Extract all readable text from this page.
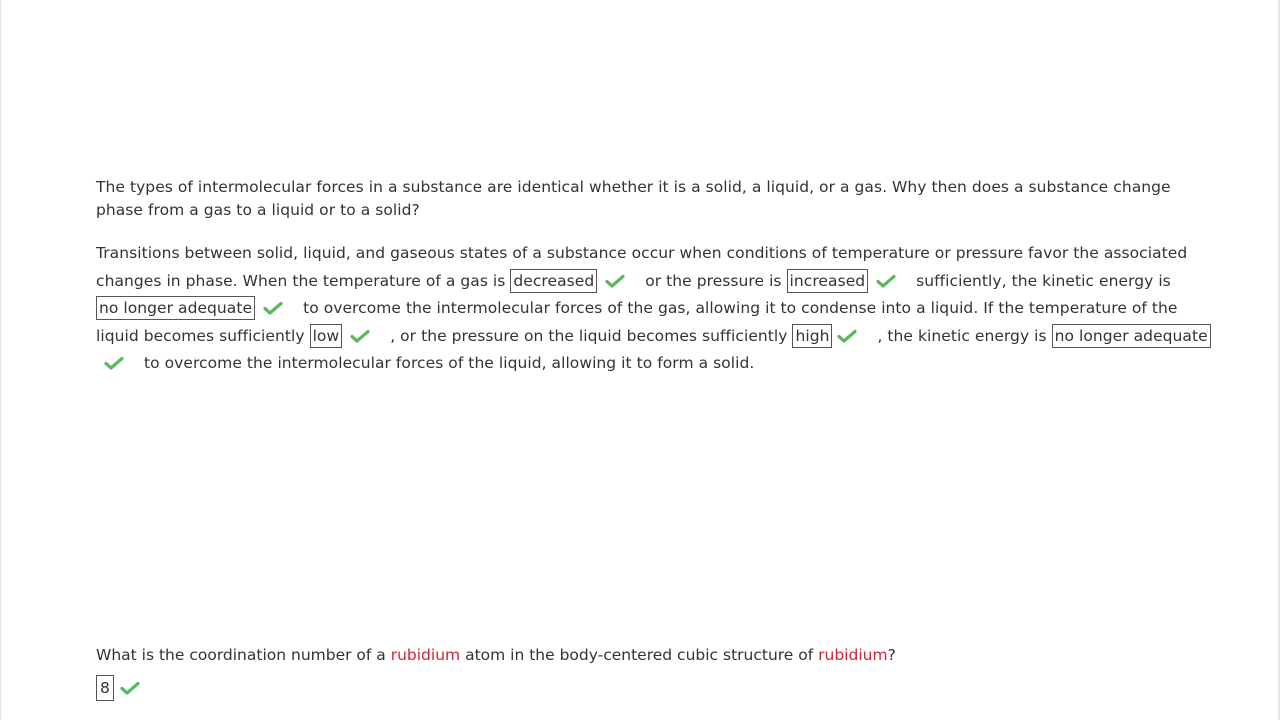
The types of intermolecular forces in a substance are identical whether it is a solid, a liquid, or a gas. Why then does a substance change phase from a gas to a liquid or to a solid?
Transitions between solid, liquid, and gaseous states of a substance occur when conditions of temperature or pressure favor the associated changes in phase. When the temperature of a gas is decreased	or the pressure is increased	sufficiently, the kinetic energy is no longer adequate	to overcome the intermolecular forces of the gas, allowing it to condense into a liquid. If the temperature of the liquid becomes sufficiently low	, or the pressure on the liquid becomes sufficiently high	, the kinetic energy is no longer adequate
to overcome the intermolecular forces of the liquid, allowing it to form a solid.
What is the coordination number of a rubidium atom in the body-centered cubic structure of rubidium?
8
